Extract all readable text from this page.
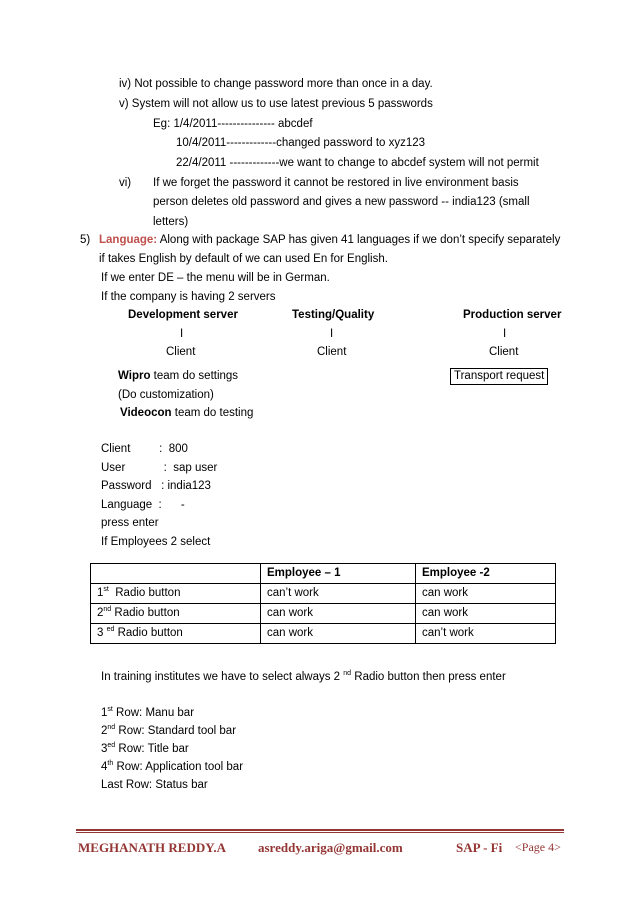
iv) Not possible to change password more than once in a day.
v) System will not allow us to use latest previous 5 passwords
Eg: 1/4/2011--------------- abcdef
10/4/2011-------------changed password to xyz123
22/4/2011 -------------we want to change to abcdef system will not permit
vi) If we forget the password it cannot be restored in live environment basis
person deletes old password and gives a new password -- india123 (small
letters)
5) Language: Along with package SAP has given 41 languages if we don’t specify separately
if takes English by default of we can used En for English.
If we enter DE – the menu will be in German.
If the company is having 2 servers
Development server	Testing/Quality	Production server
I	I	I
Client	Client	Client
Wipro team do settings	Transport request
(Do customization)
Videocon team do testing
Client         :  800
User            :  sap user
Password   : india123
Language  :      -
press enter
If Employees 2 select
	Employee – 1	Employee -2
1st  Radio button	can’t work	can work
2nd Radio button	can work	can work
3 $^{ed}$ Radio button	can work	can’t work
In training institutes we have to select always 2 $^{nd}$ Radio button then press enter
1st Row: Manu bar
2nd Row: Standard tool bar
$3^{ed}$ Row: Title bar
4th Row: Application tool bar
Last Row: Status bar
MEGHANATH REDDY.A asreddy.ariga@gmail.com	SAP - Fi <Page 4>
